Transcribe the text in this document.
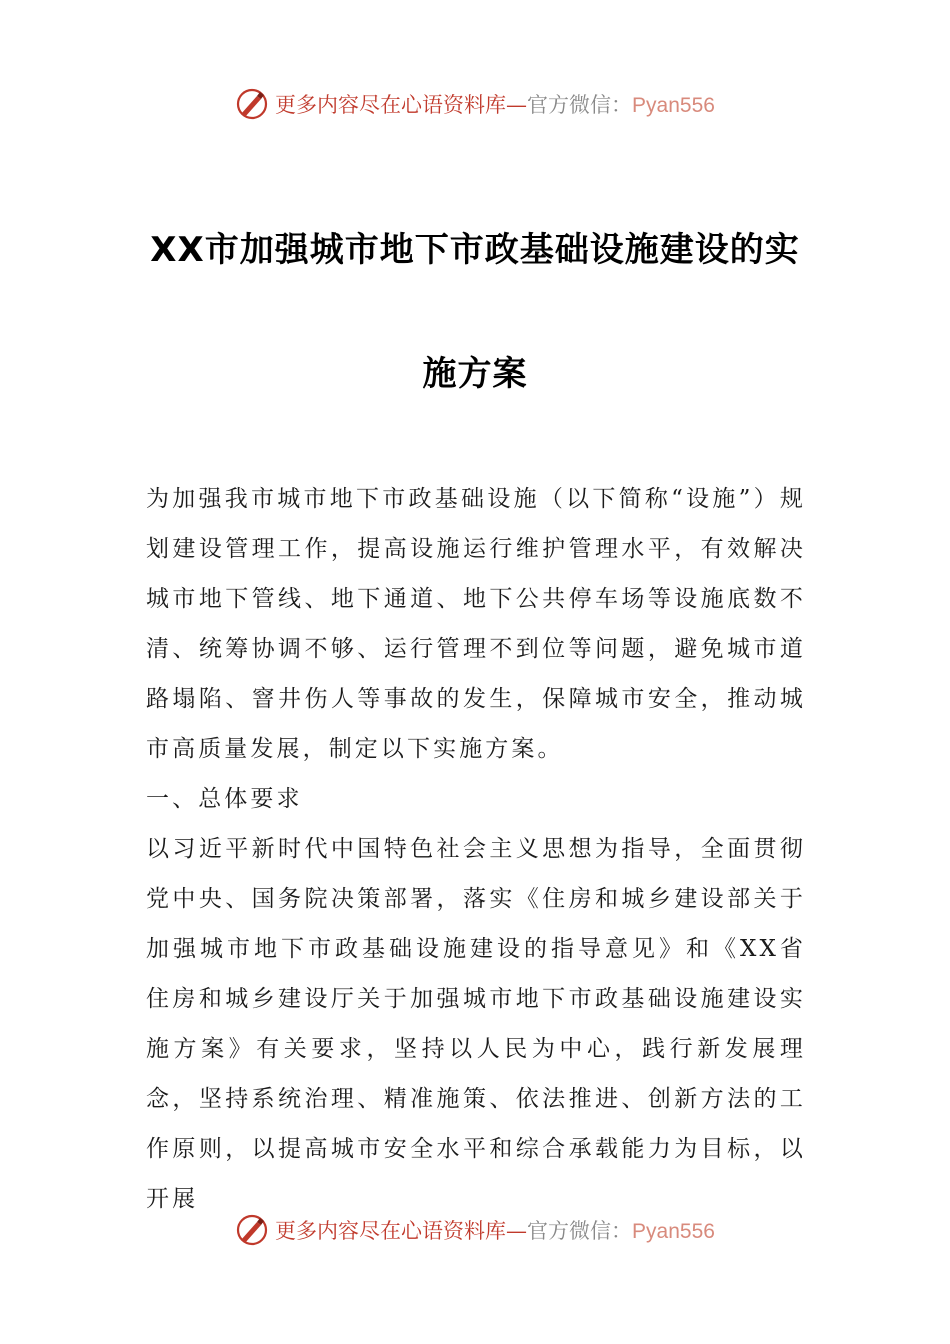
更多内容尽在心语资料库—官方微信：Pyan556
XX市加强城市地下市政基础设施建设的实
施方案

为加强我市城市地下市政基础设施（以下简称“设施”）规划建设管理工作，提高设施运行维护管理水平，有效解决城市地下管线、地下通道、地下公共停车场等设施底数不清、统筹协调不够、运行管理不到位等问题，避免城市道路塌陷、窨井伤人等事故的发生，保障城市安全，推动城市高质量发展，制定以下实施方案。

一、总体要求

以习近平新时代中国特色社会主义思想为指导，全面贯彻党中央、国务院决策部署，落实《住房和城乡建设部关于加强城市地下市政基础设施建设的指导意见》和《XX省住房和城乡建设厅关于加强城市地下市政基础设施建设实施方案》有关要求，坚持以人民为中心，践行新发展理念，坚持系统治理、精准施策、依法推进、创新方法的工作原则，以提高城市安全水平和综合承载能力为目标，以开展

更多内容尽在心语资料库—官方微信：Pyan556
